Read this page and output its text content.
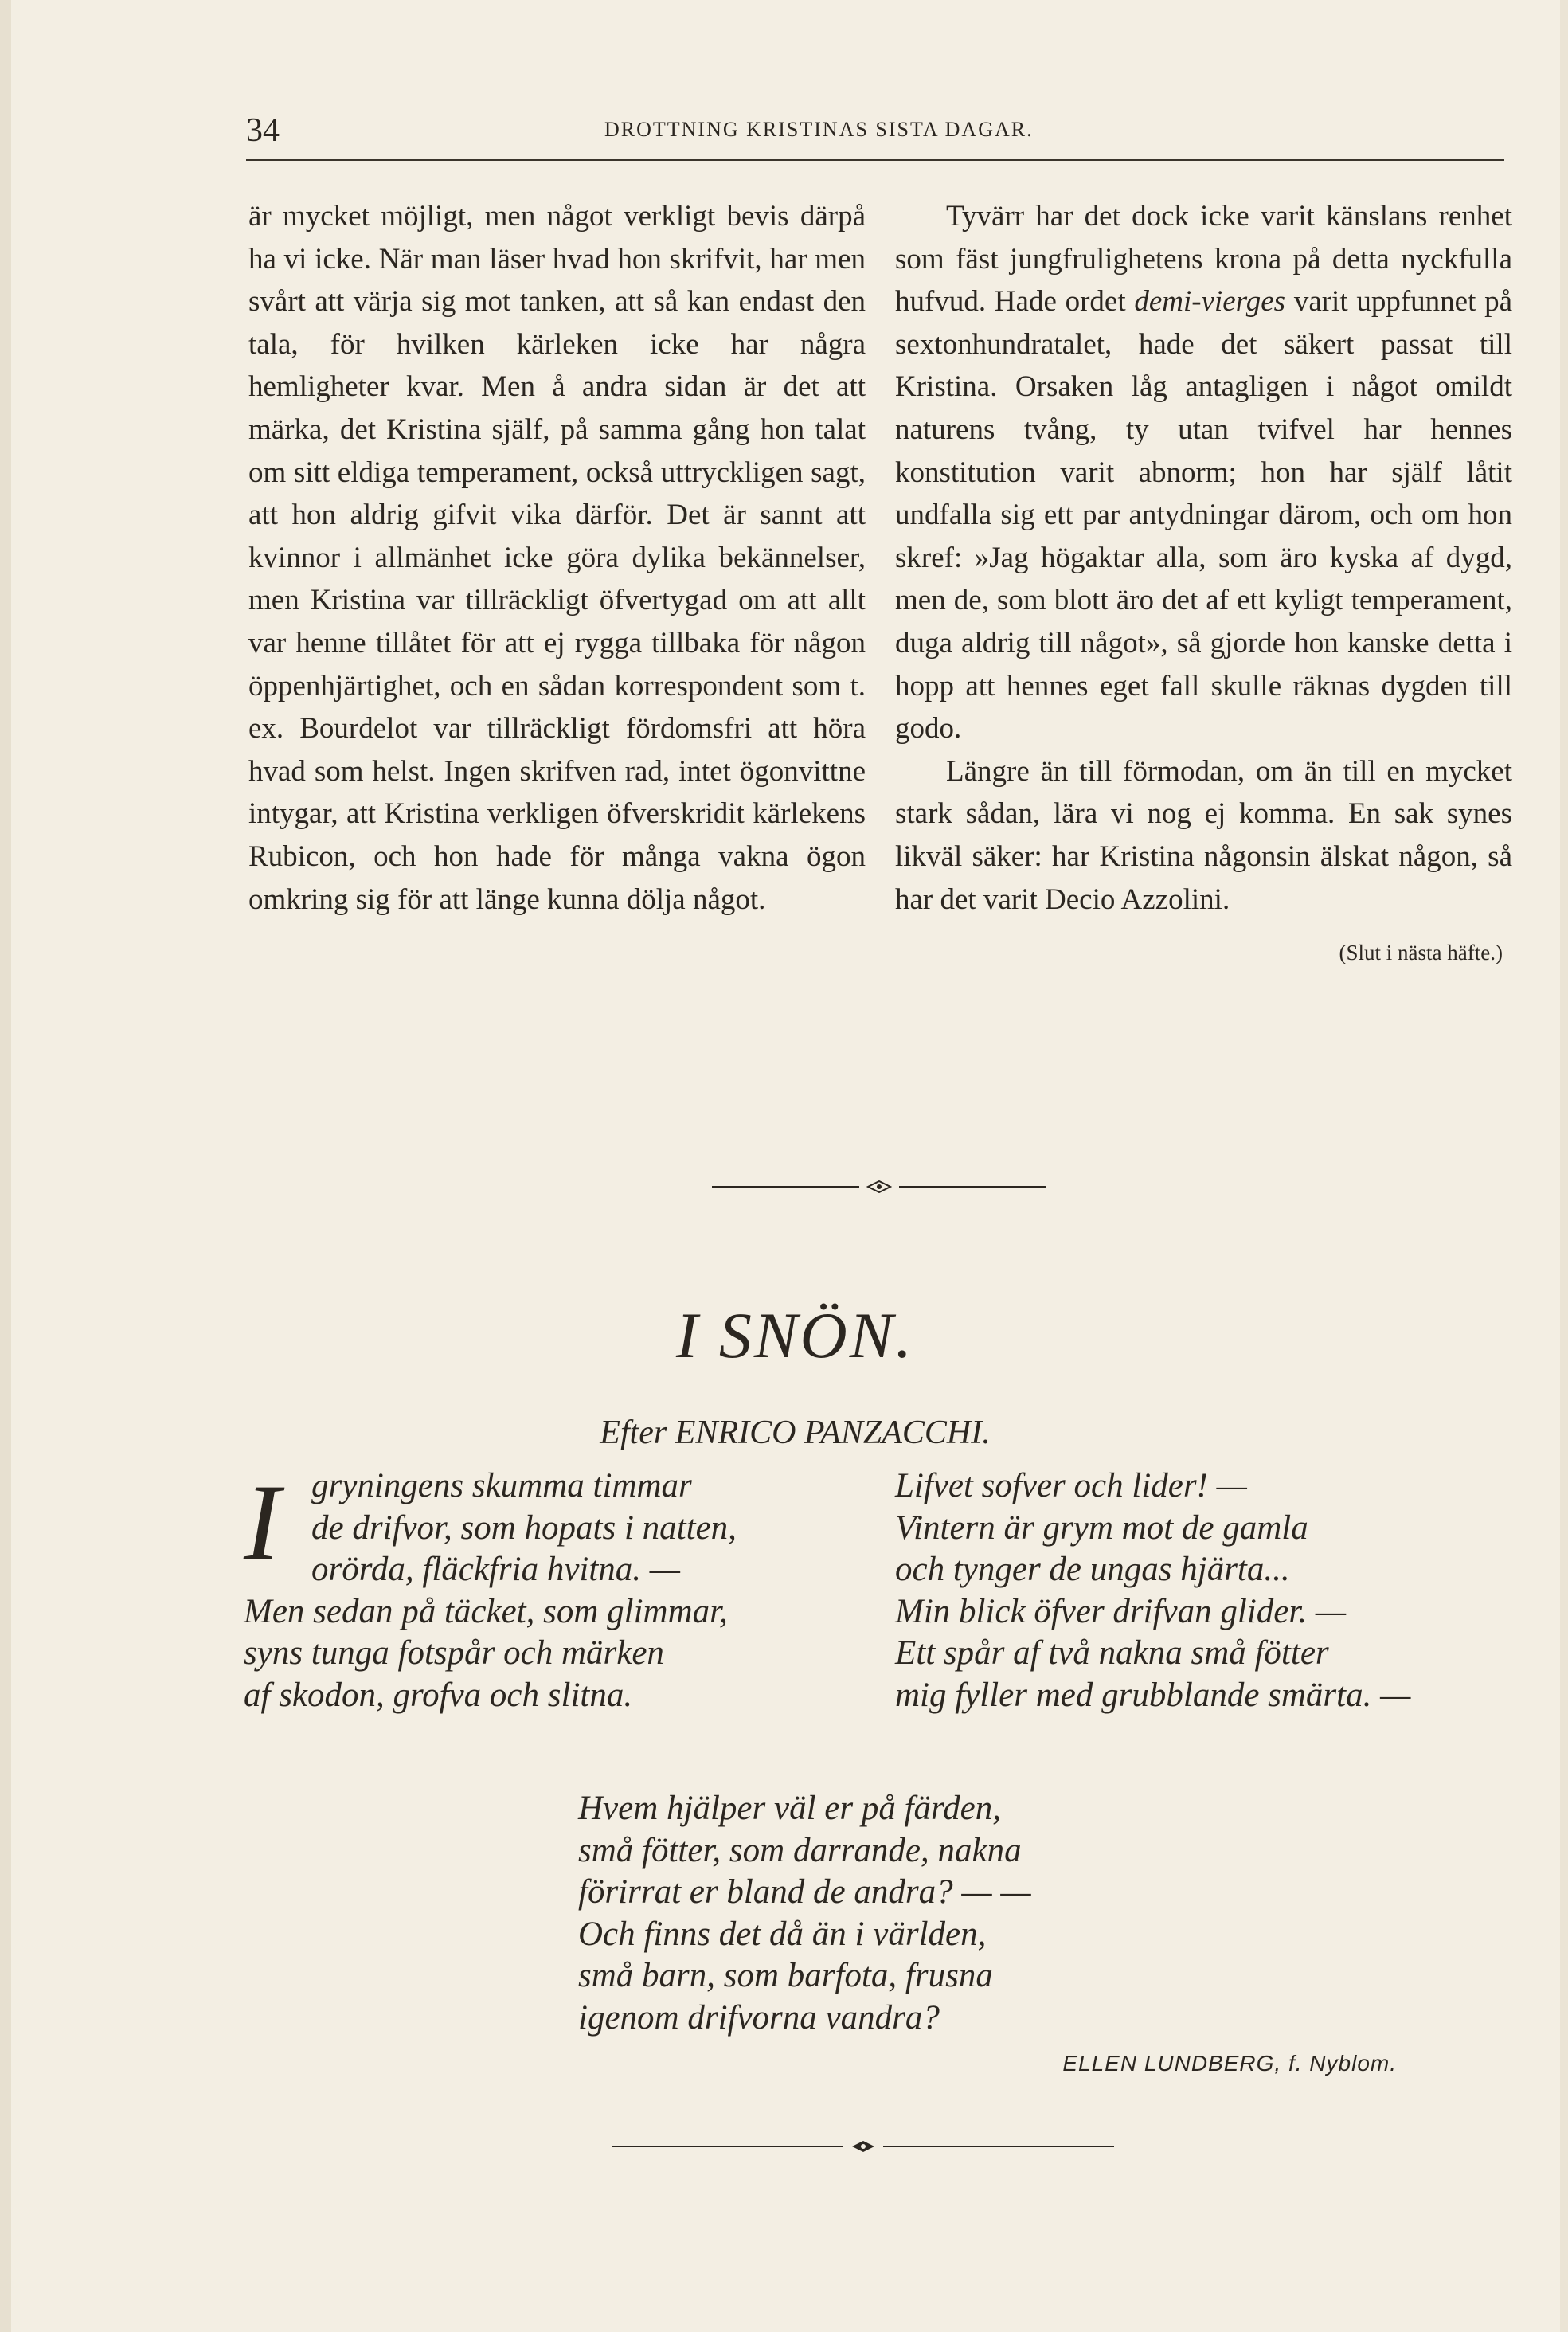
34	DROTTNING KRISTINAS SISTA DAGAR.

är mycket möjligt, men något verkligt bevis därpå ha vi icke. När man läser hvad hon skrifvit, har men svårt att värja sig mot tanken, att så kan endast den tala, för hvilken kärleken icke har några hemligheter kvar. Men å andra sidan är det att märka, det Kristina själf, på samma gång hon talat om sitt eldiga temperament, också uttryckligen sagt, att hon aldrig gifvit vika därför. Det är sannt att kvinnor i allmänhet icke göra dylika bekännelser, men Kristina var tillräckligt öfvertygad om att allt var henne tillåtet för att ej rygga tillbaka för någon öppenhjärtighet, och en sådan korrespondent som t. ex. Bourdelot var tillräckligt fördomsfri att höra hvad som helst. Ingen skrifven rad, intet ögonvittne intygar, att Kristina verkligen öfverskridit kärlekens Rubicon, och hon hade för många vakna ögon omkring sig för att länge kunna dölja något.

Tyvärr har det dock icke varit känslans renhet som fäst jungfrulighetens krona på detta nyckfulla hufvud. Hade ordet demi-vierges varit uppfunnet på sextonhundratalet, hade det säkert passat till Kristina. Orsaken låg antagligen i något omildt naturens tvång, ty utan tvifvel har hennes konstitution varit abnorm; hon har själf låtit undfalla sig ett par antydningar därom, och om hon skref: »Jag högaktar alla, som äro kyska af dygd, men de, som blott äro det af ett kyligt temperament, duga aldrig till något», så gjorde hon kanske detta i hopp att hennes eget fall skulle räknas dygden till godo.

Längre än till förmodan, om än till en mycket stark sådan, lära vi nog ej komma. En sak synes likväl säker: har Kristina någonsin älskat någon, så har det varit Decio Azzolini.

(Slut i nästa häfte.)
I SNÖN.
Efter ENRICO PANZACCHI.
I gryningens skumma timmar
de drifvor, som hopats i natten,
orörda, fläckfria hvitna. —
Men sedan på täcket, som glimmar,
syns tunga fotspår och märken
af skodon, grofva och slitna.
Lifvet sofver och lider! —
Vintern är grym mot de gamla
och tynger de ungas hjärta...
Min blick öfver drifvan glider. —
Ett spår af två nakna små fötter
mig fyller med grubblande smärta. —
Hvem hjälper väl er på färden,
små fötter, som darrande, nakna
förirrat er bland de andra? — —
Och finns det då än i världen,
små barn, som barfota, frusna
igenom drifvorna vandra?
ELLEN LUNDBERG, f. Nyblom.
